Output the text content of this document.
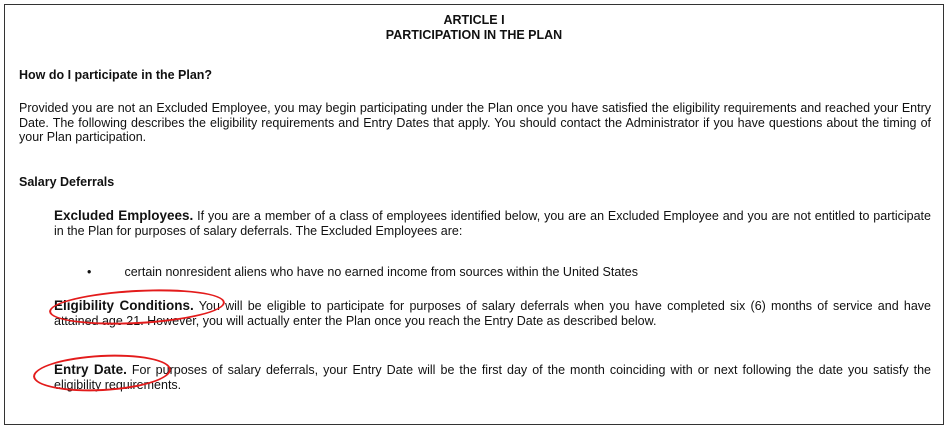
ARTICLE I
PARTICIPATION IN THE PLAN
How do I participate in the Plan?
Provided you are not an Excluded Employee, you may begin participating under the Plan once you have satisfied the eligibility requirements and reached your Entry Date. The following describes the eligibility requirements and Entry Dates that apply. You should contact the Administrator if you have questions about the timing of your Plan participation.
Salary Deferrals
Excluded Employees. If you are a member of a class of employees identified below, you are an Excluded Employee and you are not entitled to participate in the Plan for purposes of salary deferrals. The Excluded Employees are:
•	certain nonresident aliens who have no earned income from sources within the United States
Eligibility Conditions. You will be eligible to participate for purposes of salary deferrals when you have completed six (6) months of service and have attained age 21. However, you will actually enter the Plan once you reach the Entry Date as described below.
Entry Date. For purposes of salary deferrals, your Entry Date will be the first day of the month coinciding with or next following the date you satisfy the eligibility requirements.
